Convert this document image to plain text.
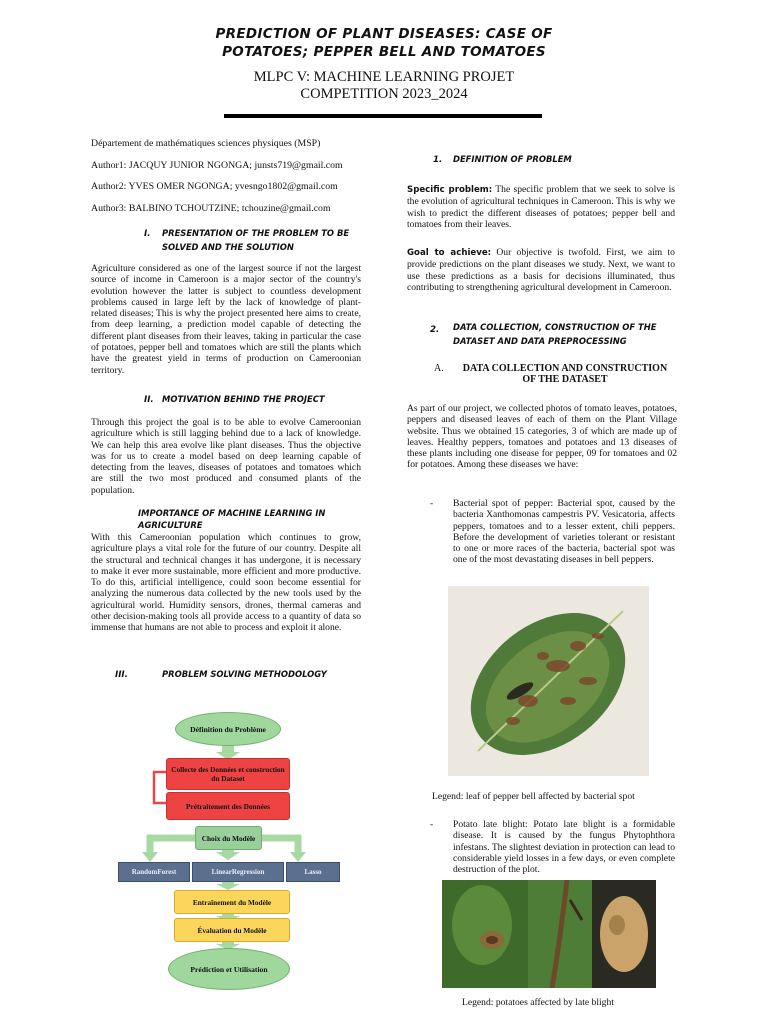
PREDICTION OF PLANT DISEASES: CASE OF
POTATOES; PEPPER BELL AND TOMATOES
MLPC V: MACHINE LEARNING PROJET
COMPETITION 2023_2024
Département de mathématiques sciences physiques (MSP)
Author1: JACQUY JUNIOR NGONGA; junsts719@gmail.com
Author2: YVES OMER NGONGA; yvesngo1802@gmail.com
Author3: BALBINO TCHOUTZINE; tchouzine@gmail.com
I. PRESENTATION OF THE PROBLEM TO BE
SOLVED AND THE SOLUTION
Agriculture considered as one of the largest source if not the largest source of income in Cameroon is a major sector of the country's evolution however the latter is subject to countless development problems caused in large left by the lack of knowledge of plant-related diseases; This is why the project presented here aims to create, from deep learning, a prediction model capable of detecting the different plant diseases from their leaves, taking in particular the case of potatoes, pepper bell and tomatoes which are still the plants which have the greatest yield in terms of production on Cameroonian territory.
II. MOTIVATION BEHIND THE PROJECT
Through this project the goal is to be able to evolve Cameroonian agriculture which is still lagging behind due to a lack of knowledge. We can help this area evolve like plant diseases. Thus the objective was for us to create a model based on deep learning capable of detecting from the leaves, diseases of potatoes and tomatoes which are still the two most produced and consumed plants of the population.
IMPORTANCE OF MACHINE LEARNING IN
AGRICULTURE
With this Cameroonian population which continues to grow, agriculture plays a vital role for the future of our country. Despite all the structural and technical changes it has undergone, it is necessary to make it ever more sustainable, more efficient and more productive. To do this, artificial intelligence, could soon become essential for analyzing the numerous data collected by the new tools used by the agricultural world. Humidity sensors, drones, thermal cameras and other decision-making tools all provide access to a quantity of data so immense that humans are not able to process and exploit it alone.
III.	PROBLEM SOLVING METHODOLOGY
Définition du Problème
Collecte des Données et construction du Dataset
Prétraitement des Données
Choix du Modèle
RandomForest	LinearRegression	Lasso
Entraînement du Modèle
Évaluation du Modèle
Prédiction et Utilisation
1. DEFINITION OF PROBLEM
Specific problem: The specific problem that we seek to solve is the evolution of agricultural techniques in Cameroon. This is why we wish to predict the different diseases of potatoes; pepper bell and tomatoes from their leaves.
Goal to achieve: Our objective is twofold. First, we aim to provide predictions on the plant diseases we study. Next, we want to use these predictions as a basis for decisions illuminated, thus contributing to strengthening agricultural development in Cameroon.
2. DATA COLLECTION, CONSTRUCTION OF THE
DATASET AND DATA PREPROCESSING
A.	DATA COLLECTION AND CONSTRUCTION
OF THE DATASET
As part of our project, we collected photos of tomato leaves, potatoes, peppers and diseased leaves of each of them on the Plant Village website. Thus we obtained 15 categories, 3 of which are made up of leaves. Healthy peppers, tomatoes and potatoes and 13 diseases of these plants including one disease for pepper, 09 for tomatoes and 02 for potatoes. Among these diseases we have:
- Bacterial spot of pepper: Bacterial spot, caused by the bacteria Xanthomonas campestris PV. Vesicatoria, affects peppers, tomatoes and to a lesser extent, chili peppers. Before the development of varieties tolerant or resistant to one or more races of the bacteria, bacterial spot was one of the most devastating diseases in bell peppers.
Legend: leaf of pepper bell affected by bacterial spot
- Potato late blight: Potato late blight is a formidable disease. It is caused by the fungus Phytophthora infestans. The slightest deviation in protection can lead to considerable yield losses in a few days, or even complete destruction of the plot.
Legend: potatoes affected by late blight
